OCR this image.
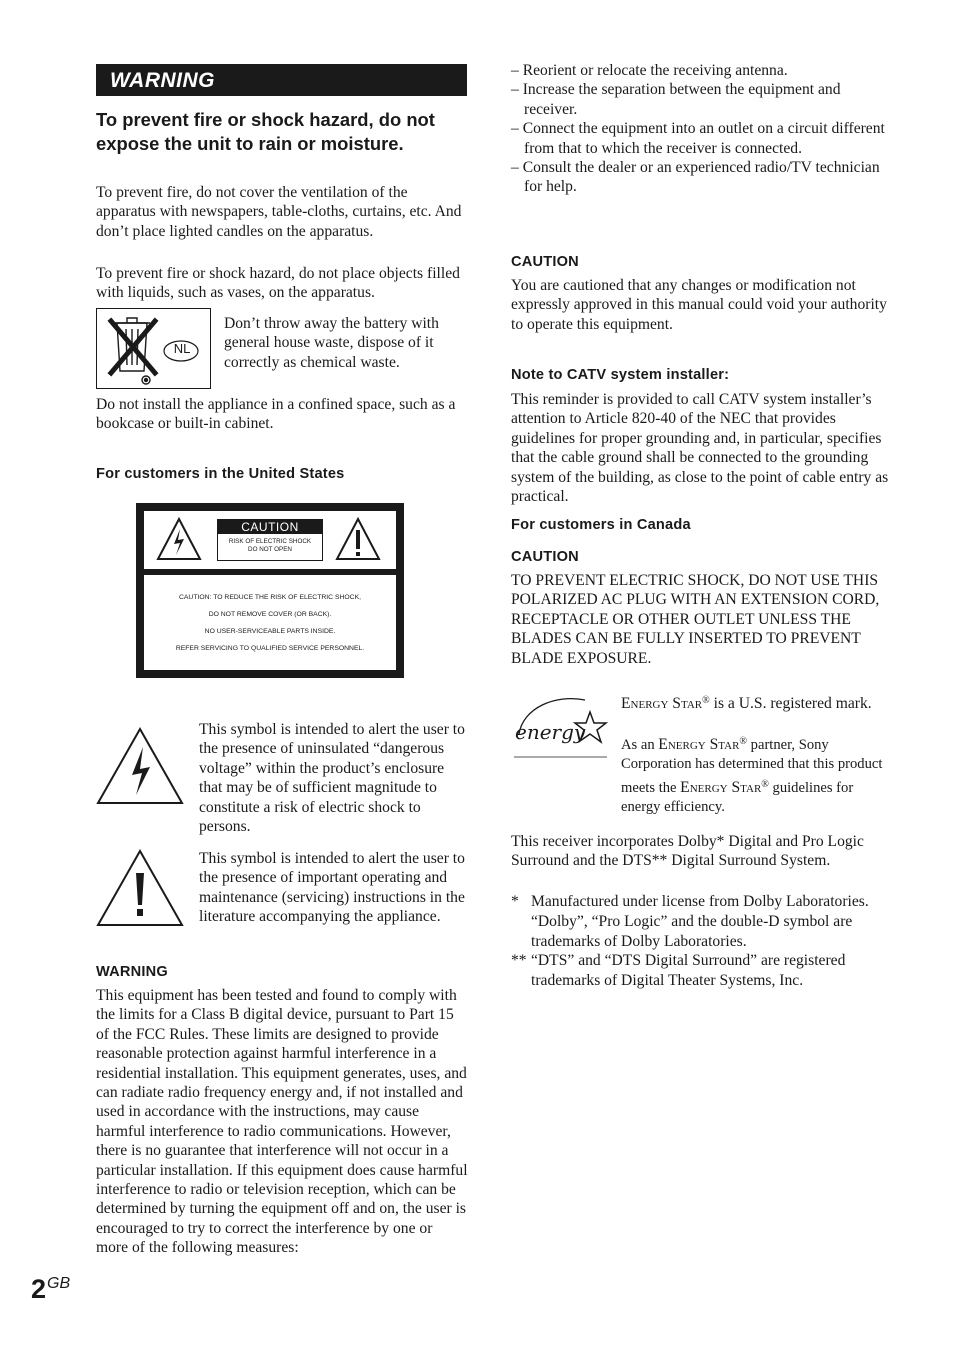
WARNING
To prevent fire or shock hazard, do not expose the unit to rain or moisture.
To prevent fire, do not cover the ventilation of the apparatus with newspapers, table-cloths, curtains, etc. And don’t place lighted candles on the apparatus.
To prevent fire or shock hazard, do not place objects filled with liquids, such as vases, on the apparatus.
NL
Don’t throw away the battery with general house waste, dispose of it correctly as chemical waste.
Do not install the appliance in a confined space, such as a bookcase or built-in cabinet.
For customers in the United States
CAUTION
RISK OF ELECTRIC SHOCK
DO NOT OPEN
CAUTION: TO REDUCE THE RISK OF ELECTRIC SHOCK,
DO NOT REMOVE COVER (OR BACK).
NO USER-SERVICEABLE PARTS INSIDE.
REFER SERVICING TO QUALIFIED SERVICE PERSONNEL.
This symbol is intended to alert the user to the presence of uninsulated “dangerous voltage” within the product’s enclosure that may be of sufficient magnitude to constitute a risk of electric shock to persons.
This symbol is intended to alert the user to the presence of important operating and maintenance (servicing) instructions in the literature accompanying the appliance.
WARNING
This equipment has been tested and found to comply with the limits for a Class B digital device, pursuant to Part 15 of the FCC Rules. These limits are designed to provide reasonable protection against harmful interference in a residential installation. This equipment generates, uses, and can radiate radio frequency energy and, if not installed and used in accordance with the instructions, may cause harmful interference to radio communications. However, there is no guarantee that interference will not occur in a particular installation. If this equipment does cause harmful interference to radio or television reception, which can be determined by turning the equipment off and on, the user is encouraged to try to correct the interference by one or more of the following measures:
– Reorient or relocate the receiving antenna.
– Increase the separation between the equipment and receiver.
– Connect the equipment into an outlet on a circuit different from that to which the receiver is connected.
– Consult the dealer or an experienced radio/TV technician for help.
CAUTION
You are cautioned that any changes or modification not expressly approved in this manual could void your authority to operate this equipment.
Note to CATV system installer:
This reminder is provided to call CATV system installer’s attention to Article 820-40 of the NEC that provides guidelines for proper grounding and, in particular, specifies that the cable ground shall be connected to the grounding system of the building, as close to the point of cable entry as practical.
For customers in Canada
CAUTION
TO PREVENT ELECTRIC SHOCK, DO NOT USE THIS POLARIZED AC PLUG WITH AN EXTENSION CORD, RECEPTACLE OR OTHER OUTLET UNLESS THE BLADES CAN BE FULLY INSERTED TO PREVENT BLADE EXPOSURE.
energy
Energy Star® is a U.S. registered mark.
As an Energy Star® partner, Sony Corporation has determined that this product meets the Energy Star® guidelines for energy efficiency.
This receiver incorporates Dolby* Digital and Pro Logic Surround and the DTS** Digital Surround System.
* Manufactured under license from Dolby Laboratories.
“Dolby”, “Pro Logic” and the double-D symbol are trademarks of Dolby Laboratories.
** “DTS” and “DTS Digital Surround” are registered trademarks of Digital Theater Systems, Inc.
$2^{GB}$
